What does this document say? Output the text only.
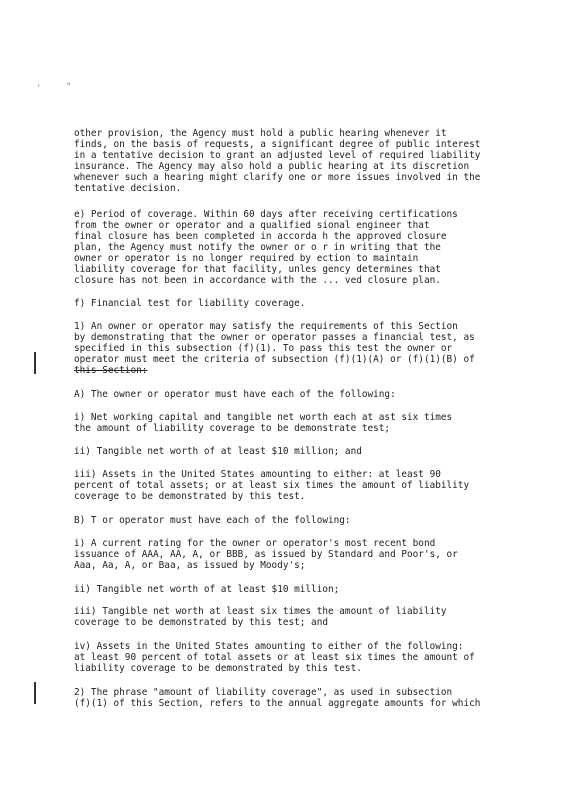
'	"

other provision, the Agency must hold a public hearing whenever it

finds, on the basis of requests, a significant degree of public interest

in a tentative decision to grant an adjusted level of required liability

insurance. The Agency may also hold a public hearing at its discretion

whenever such a hearing might clarify one or more issues involved in the

tentative decision.

e) Period of coverage. Within 60 days after receiving certifications

from the owner or operator and a qualified sional engineer that

final closure has been completed in accorda h the approved closure

plan, the Agency must notify the owner or o r in writing that the

owner or operator is no longer required by ection to maintain

liability coverage for that facility, unles gency determines that

closure has not been in accordance with the ... ved closure plan.

f) Financial test for liability coverage.

1) An owner or operator may satisfy the requirements of this Section

by demonstrating that the owner or operator passes a financial test, as

specified in this subsection (f)(1). To pass this test the owner or

operator must meet the criteria of subsection (f)(1)(A) or (f)(1)(B) of

this Section:

A) The owner or operator must have each of the following:

i) Net working capital and tangible net worth each at ast six times

the amount of liability coverage to be demonstrate test;

ii) Tangible net worth of at least $10 million; and

iii) Assets in the United States amounting to either: at least 90

percent of total assets; or at least six times the amount of liability

coverage to be demonstrated by this test.

B) T or operator must have each of the following:

i) A current rating for the owner or operator's most recent bond

issuance of AAA, AA, A, or BBB, as issued by Standard and Poor's, or

Aaa, Aa, A, or Baa, as issued by Moody's;

ii) Tangible net worth of at least $10 million;

iii) Tangible net worth at least six times the amount of liability

coverage to be demonstrated by this test; and

iv) Assets in the United States amounting to either of the following:

at least 90 percent of total assets or at least six times the amount of

liability coverage to be demonstrated by this test.

2) The phrase "amount of liability coverage", as used in subsection

(f)(1) of this Section, refers to the annual aggregate amounts for which
